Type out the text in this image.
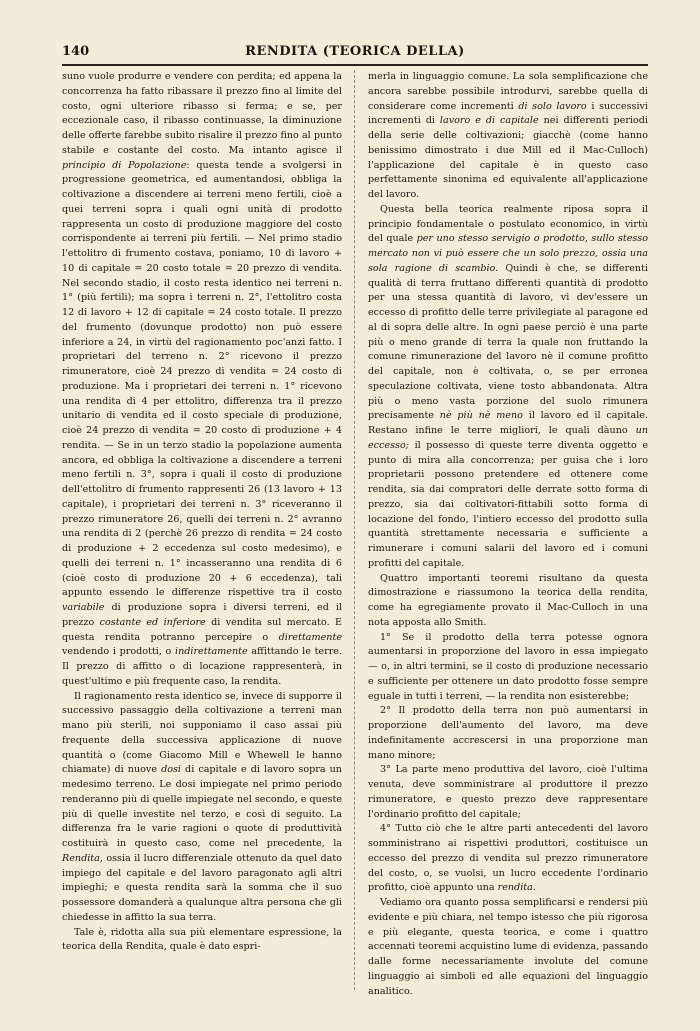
140	RENDITA (TEORICA DELLA)

suno vuole produrre e vendere con perdita; ed appena la concorrenza ha fatto ribassare il prezzo fino al limite del costo, ogni ulteriore ribasso si ferma; e se, per eccezionale caso, il ribasso continuasse, la diminuzione delle offerte farebbe subito risalire il prezzo fino al punto stabile e costante del costo. Ma intanto agisce il principio di Popolazione: questa tende a svolgersi in progressione geometrica, ed aumentandosi, obbliga la coltivazione a discendere ai terreni meno fertili, cioè a quei terreni sopra i quali ogni unità di prodotto rappresenta un costo di produzione maggiore del costo corrispondente ai terreni più fertili. — Nel primo stadio l'ettolitro di frumento costava, poniamo, 10 di lavoro + 10 di capitale = 20 costo totale = 20 prezzo di vendita. Nel secondo stadio, il costo resta identico nei terreni n. 1° (più fertili); ma sopra i terreni n. 2°, l'ettolitro costa 12 di lavoro + 12 di capitale = 24 costo totale. Il prezzo del frumento (dovunque prodotto) non può essere inferiore a 24, in virtù del ragionamento poc'anzi fatto. I proprietari del terreno n. 2° ricevono il prezzo rimuneratore, cioè 24 prezzo di vendita = 24 costo di produzione. Ma i proprietari dei terreni n. 1° ricevono una rendita di 4 per ettolitro, differenza tra il prezzo unitario di vendita ed il costo speciale di produzione, cioè 24 prezzo di vendita = 20 costo di produzione + 4 rendita. — Se in un terzo stadio la popolazione aumenta ancora, ed obbliga la coltivazione a discendere a terreni meno fertili n. 3°, sopra i quali il costo di produzione dell'ettolitro di frumento rappresenti 26 (13 lavoro + 13 capitale), i proprietari dei terreni n. 3° riceveranno il prezzo rimuneratore 26, quelli dei terreni n. 2° avranno una rendita di 2 (perchè 26 prezzo di rendita = 24 costo di produzione + 2 eccedenza sul costo medesimo), e quelli dei terreni n. 1° incasseranno una rendita di 6 (cioè costo di produzione 20 + 6 eccedenza), tali appunto essendo le differenze rispettive tra il costo variabile di produzione sopra i diversi terreni, ed il prezzo costante ed inferiore di vendita sul mercato. E questa rendita potranno percepire o direttamente vendendo i prodotti, o indirettamente affittando le terre. Il prezzo di affitto o di locazione rappresenterà, in quest'ultimo e più frequente caso, la rendita.

Il ragionamento resta identico se, invece di supporre il successivo passaggio della coltivazione a terreni man mano più sterili, noi supponiamo il caso assai più frequente della successiva applicazione di nuove quantità o (come Giacomo Mill e Whewell le hanno chiamate) di nuove dosi di capitale e di lavoro sopra un medesimo terreno. Le dosi impiegate nel primo periodo renderanno più di quelle impiegate nel secondo, e queste più di quelle investite nel terzo, e così di seguito. La differenza fra le varie ragioni o quote di produttività costituirà in questo caso, come nel precedente, la Rendita, ossia il lucro differenziale ottenuto da quel dato impiego del capitale e del lavoro paragonato agli altri impieghi; e questa rendita sarà la somma che il suo possessore domanderà a qualunque altra persona che gli chiedesse in affitto la sua terra.

Tale è, ridotta alla sua più elementare espressione, la teorica della Rendita, quale è dato espri-

merla in linguaggio comune. La sola semplificazione che ancora sarebbe possibile introdurvi, sarebbe quella di considerare come incrementi di solo lavoro i successivi incrementi di lavoro e di capitale nei differenti periodi della serie delle coltivazioni; giacchè (come hanno benissimo dimostrato i due Mill ed il Mac-Culloch) l'applicazione del capitale è in questo caso perfettamente sinonima ed equivalente all'applicazione del lavoro.

Questa bella teorica realmente riposa sopra il principio fondamentale o postulato economico, in virtù del quale per uno stesso servigio o prodotto, sullo stesso mercato non vi può essere che un solo prezzo, ossia una sola ragione di scambio. Quindi è che, se differenti qualità di terra fruttano differenti quantità di prodotto per una stessa quantità di lavoro, vi dev'essere un eccesso di profitto delle terre privilegiate al paragone ed al di sopra delle altre. In ogni paese perciò è una parte più o meno grande di terra la quale non fruttando la comune rimunerazione del lavoro nè il comune profitto del capitale, non è coltivata, o, se per erronea speculazione coltivata, viene tosto abbandonata. Altra più o meno vasta porzione del suolo rimunera precisamente nè più nè meno il lavoro ed il capitale. Restano infine le terre migliori, le quali dàuno un eccesso; il possesso di queste terre diventa oggetto e punto di mira alla concorrenza; per guisa che i loro proprietarii possono pretendere ed ottenere come rendita, sia dai compratori delle derrate sotto forma di prezzo, sia dai coltivatori-fittabili sotto forma di locazione del fondo, l'intiero eccesso del prodotto sulla quantità strettamente necessaria e sufficiente a rimunerare i comuni salarii del lavoro ed i comuni profitti del capitale.

Quattro importanti teoremi risultano da questa dimostrazione e riassumono la teorica della rendita, come ha egregiamente provato il Mac-Culloch in una nota apposta allo Smith.

1° Se il prodotto della terra potesse ognora aumentarsi in proporzione del lavoro in essa impiegato — o, in altri termini, se il costo di produzione necessario e sufficiente per ottenere un dato prodotto fosse sempre eguale in tutti i terreni, — la rendita non esisterebbe;

2° Il prodotto della terra non può aumentarsi in proporzione dell'aumento del lavoro, ma deve indefinitamente accrescersi in una proporzione man mano minore;

3° La parte meno produttiva del lavoro, cioè l'ultima venuta, deve somministrare al produttore il prezzo rimuneratore, e questo prezzo deve rappresentare l'ordinario profitto del capitale;

4° Tutto ciò che le altre parti antecedenti del lavoro somministrano ai rispettivi produttori, costituisce un eccesso del prezzo di vendita sul prezzo rimuneratore del costo, o, se vuolsi, un lucro eccedente l'ordinario profitto, cioè appunto una rendita.

Vediamo ora quanto possa semplificarsi e rendersi più evidente e più chiara, nel tempo istesso che più rigorosa e più elegante, questa teorica, e come i quattro accennati teoremi acquistino lume di evidenza, passando dalle forme necessariamente involute del comune linguaggio ai simboli ed alle equazioni del linguaggio analitico.
